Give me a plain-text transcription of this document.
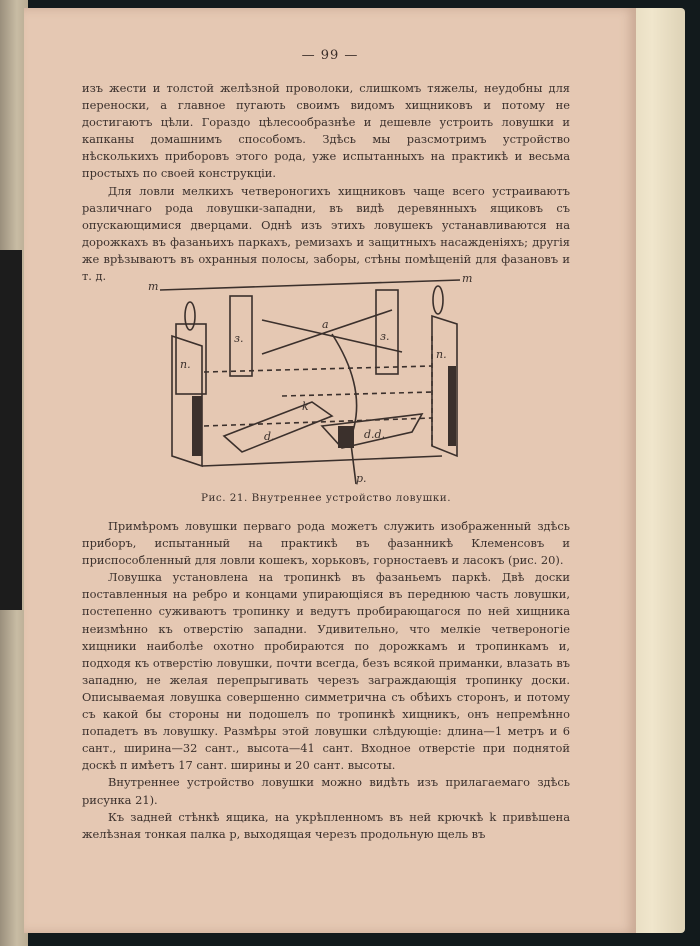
— 99 —

изъ жести и толстой желѣзной проволоки, слишкомъ тяжелы, неудобны для переноски, а главное пугають своимъ видомъ хищниковъ и потому не достигаютъ цѣли. Гораздо цѣлесообразнѣе и дешевле устроить ловушки и капканы домашнимъ способомъ. Здѣсь мы разсмотримъ устройство нѣсколькихъ приборовъ этого рода, уже испытанныхъ на практикѣ и весьма простыхъ по своей конструкціи.

Для ловли мелкихъ четвероногихъ хищниковъ чаще всего устраиваютъ различнаго рода ловушки-западни, въ видѣ деревянныхъ ящиковъ съ опускающимися дверцами. Однѣ изъ этихъ ловушекъ устанавливаются на дорожкахъ въ фазаньихъ паркахъ, ремизахъ и защитныхъ насажденіяхъ; другія же врѣзываютъ въ охранныя полосы, заборы, стѣны помѣщеній для фазановъ и т. д.

m
m
з.	з.
п.
п.
a
k
d.	d.d.
p.
Рис. 21. Внутреннее устройство ловушки.

Примѣромъ ловушки перваго рода можетъ служить изображенный здѣсь приборъ, испытанный на практикѣ въ фазанникѣ Клеменсовъ и приспособленный для ловли кошекъ, хорьковъ, горностаевъ и ласокъ (рис. 20).

Ловушка установлена на тропинкѣ въ фазаньемъ паркѣ. Двѣ доски поставленныя на ребро и концами упирающіяся въ переднюю часть ловушки, постепенно суживаютъ тропинку и ведутъ пробирающагося по ней хищника неизмѣнно къ отверстію западни. Удивительно, что мелкіе четвероногіе хищники наиболѣе охотно пробираются по дорожкамъ и тропинкамъ и, подходя къ отверстію ловушки, почти всегда, безъ всякой приманки, влазать въ западню, не желая перепрыгивать черезъ заграждающія тропинку доски. Описываемая ловушка совершенно симметрична съ обѣихъ сторонъ, и потому съ какой бы стороны ни подошелъ по тропинкѣ хищникъ, онъ непремѣнно попадетъ въ ловушку. Размѣры этой ловушки слѣдующіе: длина—1 метръ и 6 сант., ширина—32 сант., высота—41 сант. Входное отверстіе при поднятой доскѣ п имѣетъ 17 сант. ширины и 20 сант. высоты.

Внутреннее устройство ловушки можно видѣть изъ прилагаемаго здѣсь рисунка 21).

Къ задней стѣнкѣ ящика, на укрѣпленномъ въ ней крючкѣ k привѣшена желѣзная тонкая палка p, выходящая черезъ продольную щель въ
